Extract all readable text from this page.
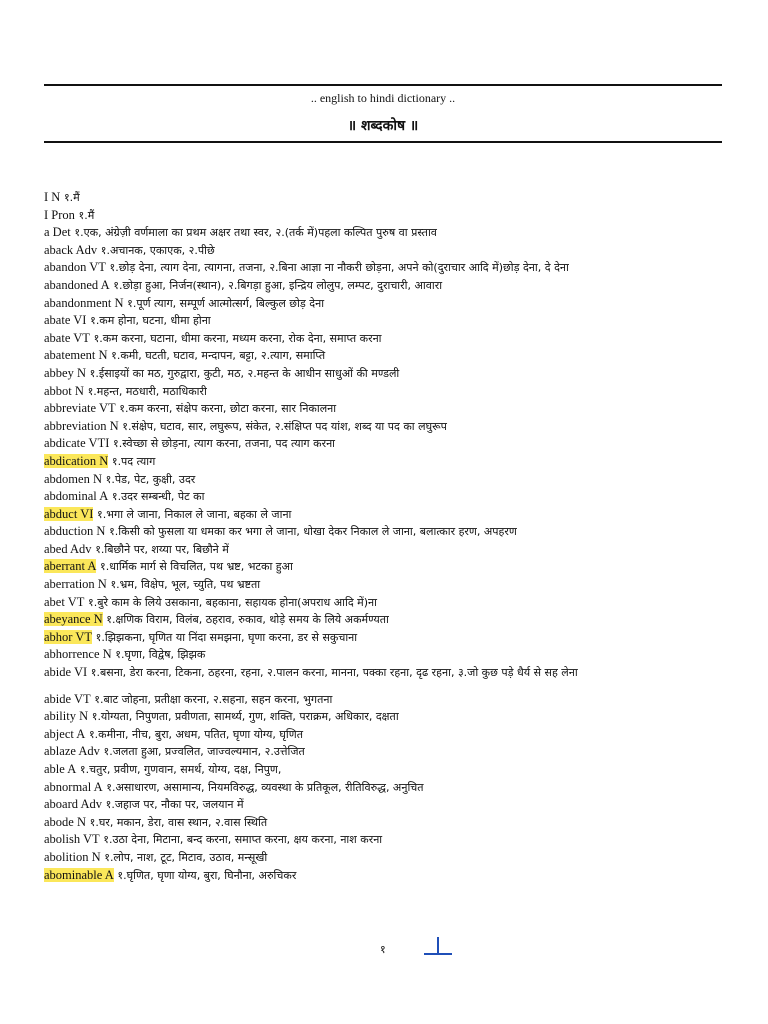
.. english to hindi dictionary ..
॥ शब्दकोष ॥
I N १.मैं
I Pron १.मैं
a Det १.एक, अंग्रेज़ी वर्णमाला का प्रथम अक्षर तथा स्वर, २.(तर्क में)पहला कल्पित पुरुष वा प्रस्ताव
aback Adv १.अचानक, एकाएक, २.पीछे
abandon VT १.छोड़ देना, त्याग देना, त्यागना, तजना, २.बिना आज्ञा ना नौकरी छोड़ना, अपने को(दुराचार आदि में)छोड़ देना, दे देना
abandoned A १.छोड़ा हुआ, निर्जन(स्थान), २.बिगड़ा हुआ, इन्द्रिय लोलुप, लम्पट, दुराचारी, आवारा
abandonment N १.पूर्ण त्याग, सम्पूर्ण आत्मोत्सर्ग, बिल्कुल छोड़ देना
abate VI १.कम होना, घटना, धीमा होना
abate VT १.कम करना, घटाना, धीमा करना, मध्यम करना, रोक देना, समाप्त करना
abatement N १.कमी, घटती, घटाव, मन्दापन, बट्टा, २.त्याग, समाप्ति
abbey N १.ईसाइयों का मठ, गुरुद्वारा, कुटी, मठ, २.महन्त के आधीन साधुओं की मण्डली
abbot N १.महन्त, मठधारी, मठाधिकारी
abbreviate VT १.कम करना, संक्षेप करना, छोटा करना, सार निकालना
abbreviation N १.संक्षेप, घटाव, सार, लघुरूप, संकेत, २.संक्षिप्त पद यांश, शब्द या पद का लघुरूप
abdicate VTI १.स्वेच्छा से छोड़ना, त्याग करना, तजना, पद त्याग करना
abdication N १.पद त्याग
abdomen N १.पेड, पेट, कुक्षी, उदर
abdominal A १.उदर सम्बन्धी, पेट का
abduct VI १.भगा ले जाना, निकाल ले जाना, बहका ले जाना
abduction N १.किसी को फुसला या धमका कर भगा ले जाना, धोखा देकर निकाल ले जाना, बलात्कार हरण, अपहरण
abed Adv १.बिछौने पर, शय्या पर, बिछौने में
aberrant A १.धार्मिक मार्ग से विचलित, पथ भ्रष्ट, भटका हुआ
aberration N १.भ्रम, विक्षेप, भूल, च्युति, पथ भ्रष्टता
abet VT १.बुरे काम के लिये उसकाना, बहकाना, सहायक होना(अपराध आदि में)ना
abeyance N १.क्षणिक विराम, विलंब, ठहराव, रुकाव, थोड़े समय के लिये अकर्मण्यता
abhor VT १.झिझकना, घृणित या निंदा समझना, घृणा करना, डर से सकुचाना
abhorrence N १.घृणा, विद्वेष, झिझक
abide VI १.बसना, डेरा करना, टिकना, ठहरना, रहना, २.पालन करना, मानना, पक्का रहना, दृढ रहना, ३.जो कुछ पड़े धैर्य से सह लेना
abide VT १.बाट जोहना, प्रतीक्षा करना, २.सहना, सहन करना, भुगतना
ability N १.योग्यता, निपुणता, प्रवीणता, सामर्थ्य, गुण, शक्ति, पराक्रम, अधिकार, दक्षता
abject A १.कमीना, नीच, बुरा, अधम, पतित, घृणा योग्य, घृणित
ablaze Adv १.जलता हुआ, प्रज्वलित, जाज्वल्यमान, २.उत्तेजित
able A १.चतुर, प्रवीण, गुणवान, समर्थ, योग्य, दक्ष, निपुण,
abnormal A १.असाधारण, असामान्य, नियमविरुद्ध, व्यवस्था के प्रतिकूल, रीतिविरुद्ध, अनुचित
aboard Adv १.जहाज पर, नौका पर, जलयान में
abode N १.घर, मकान, डेरा, वास स्थान, २.वास स्थिति
abolish VT १.उठा देना, मिटाना, बन्द करना, समाप्त करना, क्षय करना, नाश करना
abolition N १.लोप, नाश, टूट, मिटाव, उठाव, मन्सूखी
abominable A १.घृणित, घृणा योग्य, बुरा, घिनौना, अरुचिकर
१
